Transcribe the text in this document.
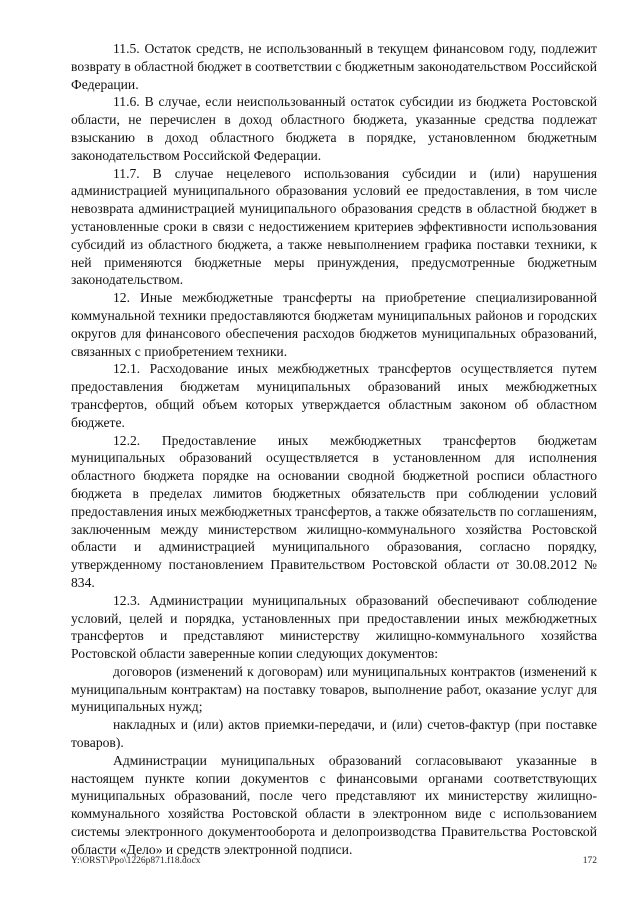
11.5. Остаток средств, не использованный в текущем финансовом году, подлежит возврату в областной бюджет в соответствии с бюджетным законодательством Российской Федерации.

11.6. В случае, если неиспользованный остаток субсидии из бюджета Ростовской области, не перечислен в доход областного бюджета, указанные средства подлежат взысканию в доход областного бюджета в порядке, установленном бюджетным законодательством Российской Федерации.

11.7. В случае нецелевого использования субсидии и (или) нарушения администрацией муниципального образования условий ее предоставления, в том числе невозврата администрацией муниципального образования средств в областной бюджет в установленные сроки в связи с недостижением критериев эффективности использования субсидий из областного бюджета, а также невыполнением графика поставки техники, к ней применяются бюджетные меры принуждения, предусмотренные бюджетным законодательством.

12. Иные межбюджетные трансферты на приобретение специализированной коммунальной техники предоставляются бюджетам муниципальных районов и городских округов для финансового обеспечения расходов бюджетов муниципальных образований, связанных с приобретением техники.

12.1. Расходование иных межбюджетных трансфертов осуществляется путем предоставления бюджетам муниципальных образований иных межбюджетных трансфертов, общий объем которых утверждается областным законом об областном бюджете.

12.2. Предоставление иных межбюджетных трансфертов бюджетам муниципальных образований осуществляется в установленном для исполнения областного бюджета порядке на основании сводной бюджетной росписи областного бюджета в пределах лимитов бюджетных обязательств при соблюдении условий предоставления иных межбюджетных трансфертов, а также обязательств по соглашениям, заключенным между министерством жилищно-коммунального хозяйства Ростовской области и администрацией муниципального образования, согласно порядку, утвержденному постановлением Правительством Ростовской области от 30.08.2012 № 834.

12.3. Администрации муниципальных образований обеспечивают соблюдение условий, целей и порядка, установленных при предоставлении иных межбюджетных трансфертов и представляют министерству жилищно-коммунального хозяйства Ростовской области заверенные копии следующих документов:

договоров (изменений к договорам) или муниципальных контрактов (изменений к муниципальным контрактам) на поставку товаров, выполнение работ, оказание услуг для муниципальных нужд;

накладных и (или) актов приемки-передачи, и (или) счетов-фактур (при поставке товаров).

Администрации муниципальных образований согласовывают указанные в настоящем пункте копии документов с финансовыми органами соответствующих муниципальных образований, после чего представляют их министерству жилищно-коммунального хозяйства Ростовской области в электронном виде с использованием системы электронного документооборота и делопроизводства Правительства Ростовской области «Дело» и средств электронной подписи.

Y:\ORST\Ppo\1226p871.f18.docx	172
